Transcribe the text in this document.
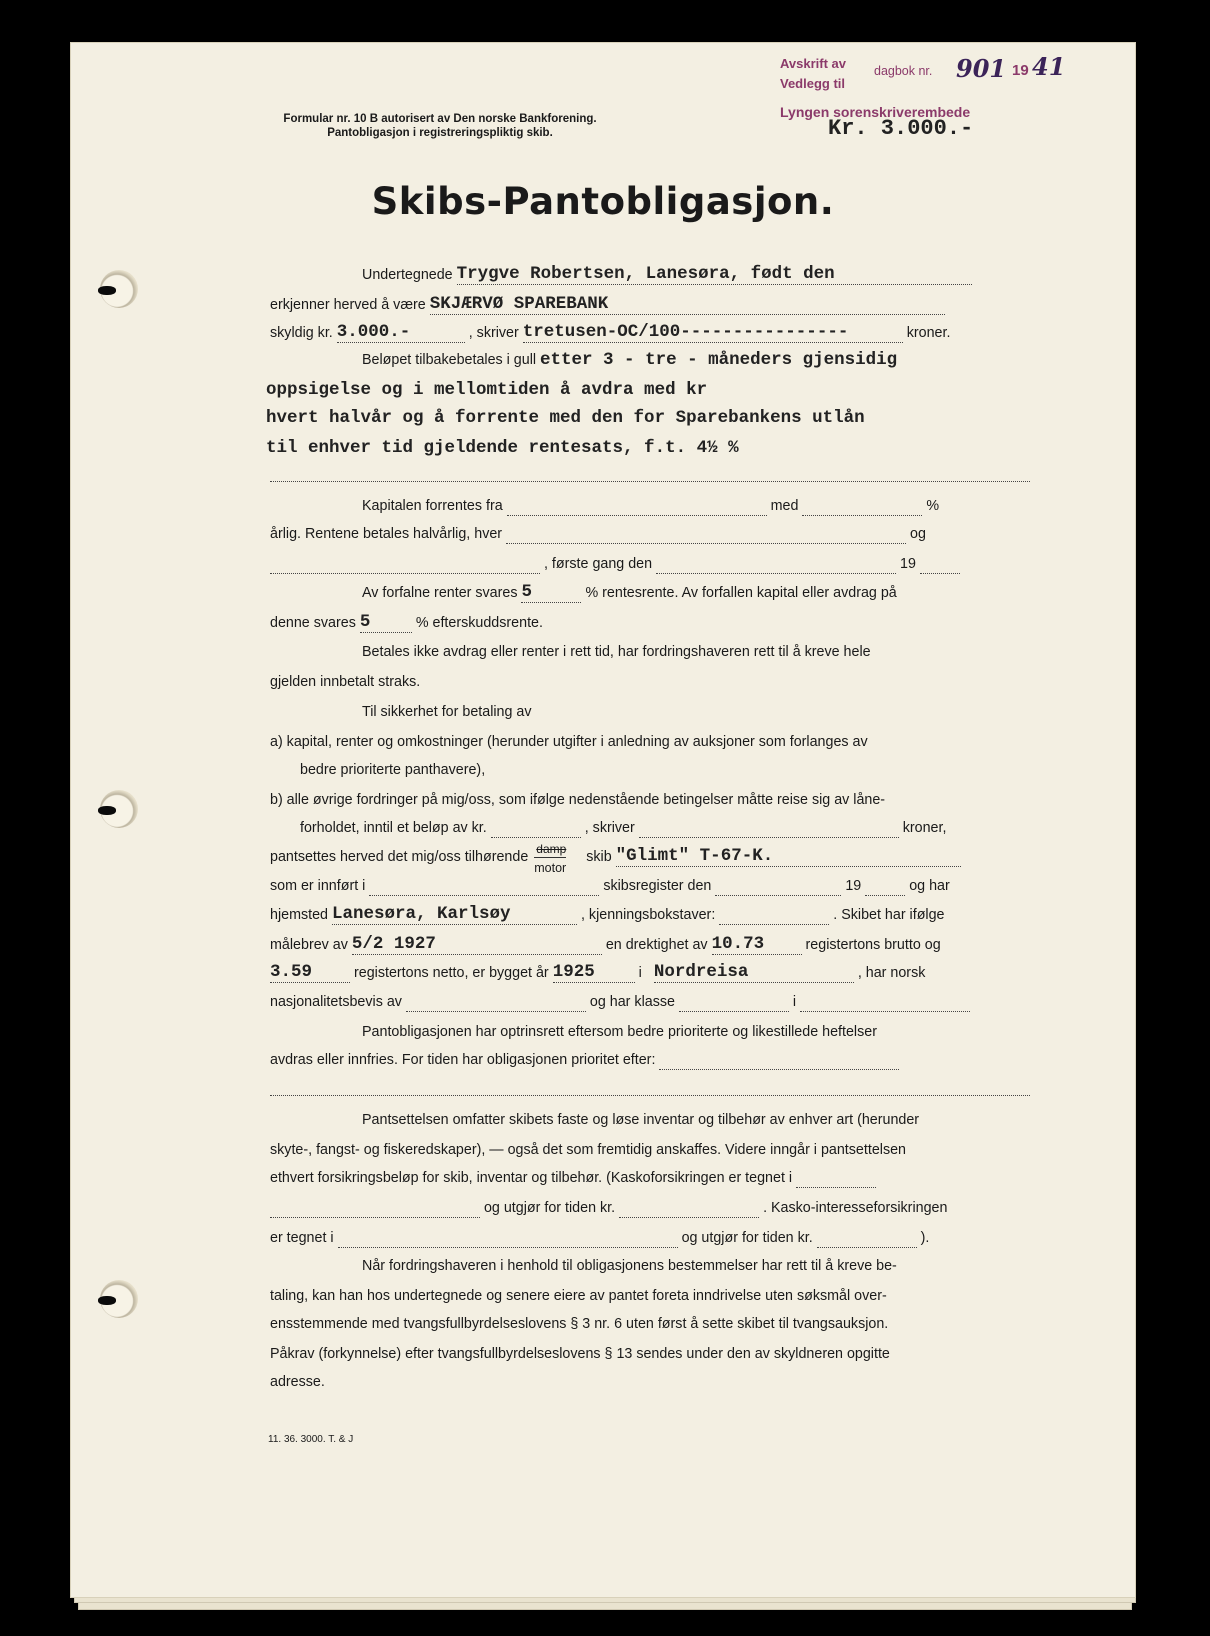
Avskrift av
Vedlegg til
dagbok nr. 901 19 41
Lyngen sorenskriverembede
Formular nr. 10 B autorisert av Den norske Bankforening.
Pantobligasjon i registreringspliktig skib.	Kr. 3.000.-
Skibs-Pantobligasjon.
Undertegnede Trygve Robertsen, Lanesøra, født den
erkjenner herved å være SKJÆRVØ SPAREBANK
skyldig kr. 3.000.-	, skriver tretusen-OC/100----------------	kroner.
Beløpet tilbakebetales i gull etter 3 - tre - måneders gjensidig
oppsigelse og i mellomtiden å avdra med kr
hvert halvår og å forrente med den for Sparebankens utlån
til enhver tid gjeldende rentesats, f.t. 4½ %
Kapitalen forrentes fra	med	%
årlig. Rentene betales halvårlig, hver	og
, første gang den	19
Av forfalne renter svares 5	% rentesrente. Av forfallen kapital eller avdrag på
denne svares 5	% efterskuddsrente.
Betales ikke avdrag eller renter i rett tid, har fordringshaveren rett til å kreve hele
gjelden innbetalt straks.
Til sikkerhet for betaling av
a) kapital, renter og omkostninger (herunder utgifter i anledning av auksjoner som forlanges av
bedre prioriterte panthavere),
b) alle øvrige fordringer på mig/oss, som ifølge nedenstående betingelser måtte reise sig av låne-
forholdet, inntil et beløp av kr.	, skriver	kroner,
pantsettes herved det mig/oss tilhørende damp
motor
skib "Glimt" T-67-K.
som er innført i	skibsregister den	19	og har
hjemsted Lanesøra, Karlsøy	, kjenningsbokstaver:	. Skibet har ifølge
målebrev av 5/2 1927	en drektighet av 10.73	registertons brutto og
3.59	registertons netto, er bygget år 1925	i Nordreisa	, har norsk
nasjonalitetsbevis av	og har klasse	i
Pantobligasjonen har optrinsrett eftersom bedre prioriterte og likestillede heftelser
avdras eller innfries. For tiden har obligasjonen prioritet efter:
Pantsettelsen omfatter skibets faste og løse inventar og tilbehør av enhver art (herunder
skyte-, fangst- og fiskeredskaper), — også det som fremtidig anskaffes. Videre inngår i pantsettelsen
ethvert forsikringsbeløp for skib, inventar og tilbehør. (Kaskoforsikringen er tegnet i
og utgjør for tiden kr.	. Kasko-interesseforsikringen
er tegnet i	og utgjør for tiden kr.	).
Når fordringshaveren i henhold til obligasjonens bestemmelser har rett til å kreve be-
taling, kan han hos undertegnede og senere eiere av pantet foreta inndrivelse uten søksmål over-
ensstemmende med tvangsfullbyrdelseslovens § 3 nr. 6 uten først å sette skibet til tvangsauksjon.
Påkrav (forkynnelse) efter tvangsfullbyrdelseslovens § 13 sendes under den av skyldneren opgitte
adresse.
11. 36. 3000. T. & J
